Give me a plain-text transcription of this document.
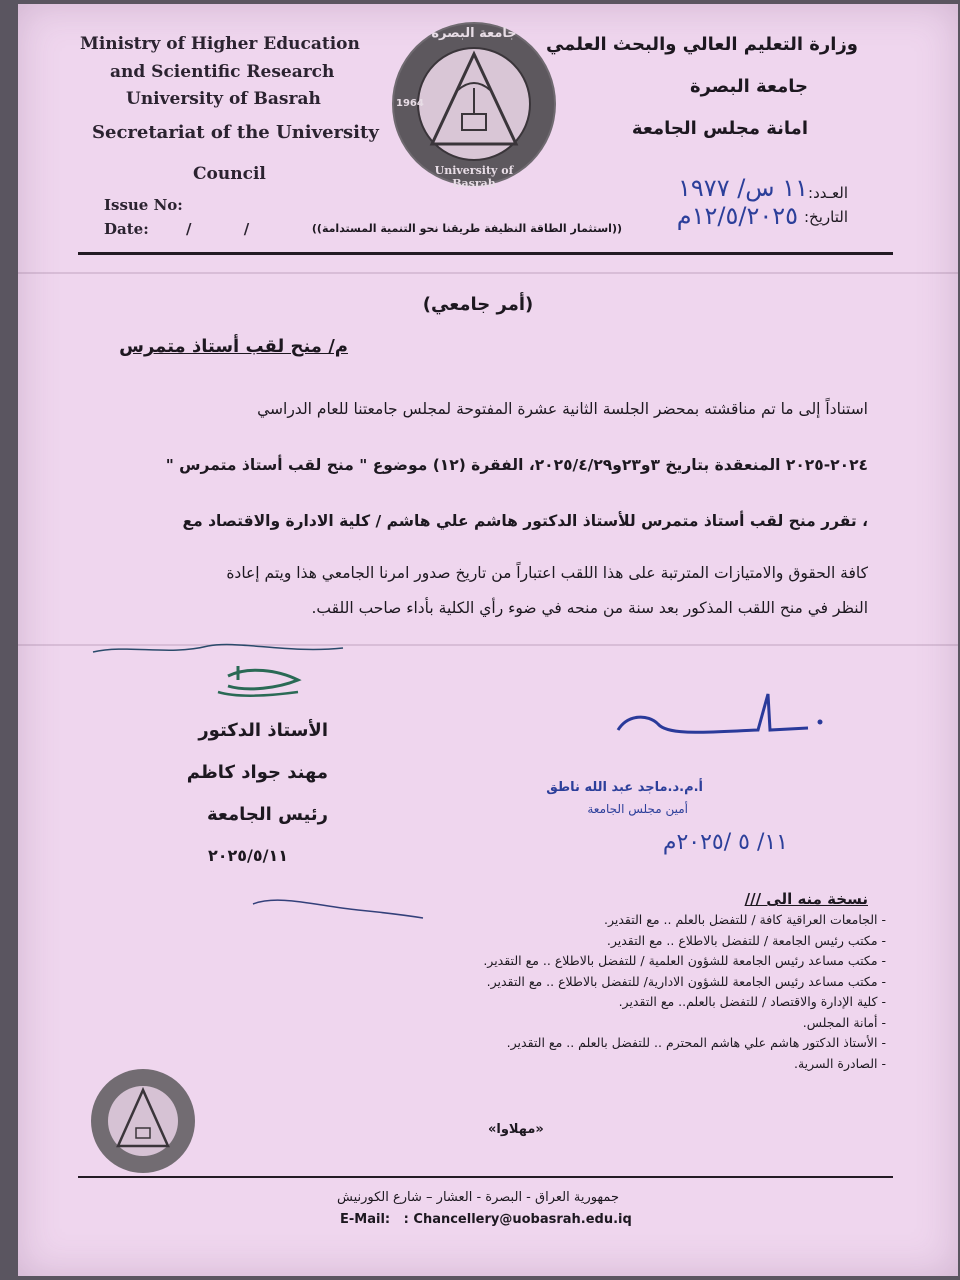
Ministry of Higher Education
and Scientific Research
University of Basrah
Secretariat of the University
Council
Issue No:
Date: /          /
جامعة البصرة
University of Basrah
1964
وزارة التعليم العالي والبحث العلمي
جامعة البصرة
امانة مجلس الجامعة
العـدد:
التاريخ:
١١ س/ ١٩٧٧
١٢/٥/٢٠٢٥م
((استثمار الطاقة النظيفة طريقنا نحو التنمية المستدامة))
(أمر جامعي)
م/ منح لقب أستاذ متمرس
استناداً إلى ما تم مناقشته بمحضر الجلسة الثانية عشرة المفتوحة لمجلس جامعتنا للعام الدراسي
٢٠٢٤-٢٠٢٥ المنعقدة بتاريخ ٣و٢٣و٢٠٢٥/٤/٢٩، الفقرة (١٢) موضوع " منح لقب أستاذ متمرس "
، تقرر منح لقب أستاذ متمرس للأستاذ الدكتور هاشم علي هاشم / كلية الادارة والاقتصاد مع
كافة الحقوق والامتيازات المترتبة على هذا اللقب اعتباراً من تاريخ صدور امرنا الجامعي هذا ويتم إعادة
النظر في منح اللقب المذكور بعد سنة من منحه في ضوء رأي الكلية بأداء صاحب اللقب.
الأستاذ الدكتور
مهند جواد كاظم
رئيس الجامعة
٢٠٢٥/٥/١١
أ.م.د.ماجد عبد الله ناطق
أمين مجلس الجامعة
١١/ ٥ /٢٠٢٥م
نسخة منه الى ///
- الجامعات العراقية كافة / للتفضل بالعلم .. مع التقدير.
- مكتب رئيس الجامعة / للتفضل بالاطلاع .. مع التقدير.
- مكتب مساعد رئيس الجامعة للشؤون العلمية / للتفضل بالاطلاع .. مع التقدير.
- مكتب مساعد رئيس الجامعة للشؤون الادارية/ للتفضل بالاطلاع .. مع التقدير.
- كلية الإدارة والاقتصاد / للتفضل بالعلم.. مع التقدير.
- أمانة المجلس.
- الأستاذ الدكتور هاشم علي هاشم المحترم .. للتفضل بالعلم .. مع التقدير.
- الصادرة السرية.
«مهلاوا»
جمهورية العراق - البصرة - العشار – شارع الكورنيش
E-Mail:   : Chancellery@uobasrah.edu.iq
